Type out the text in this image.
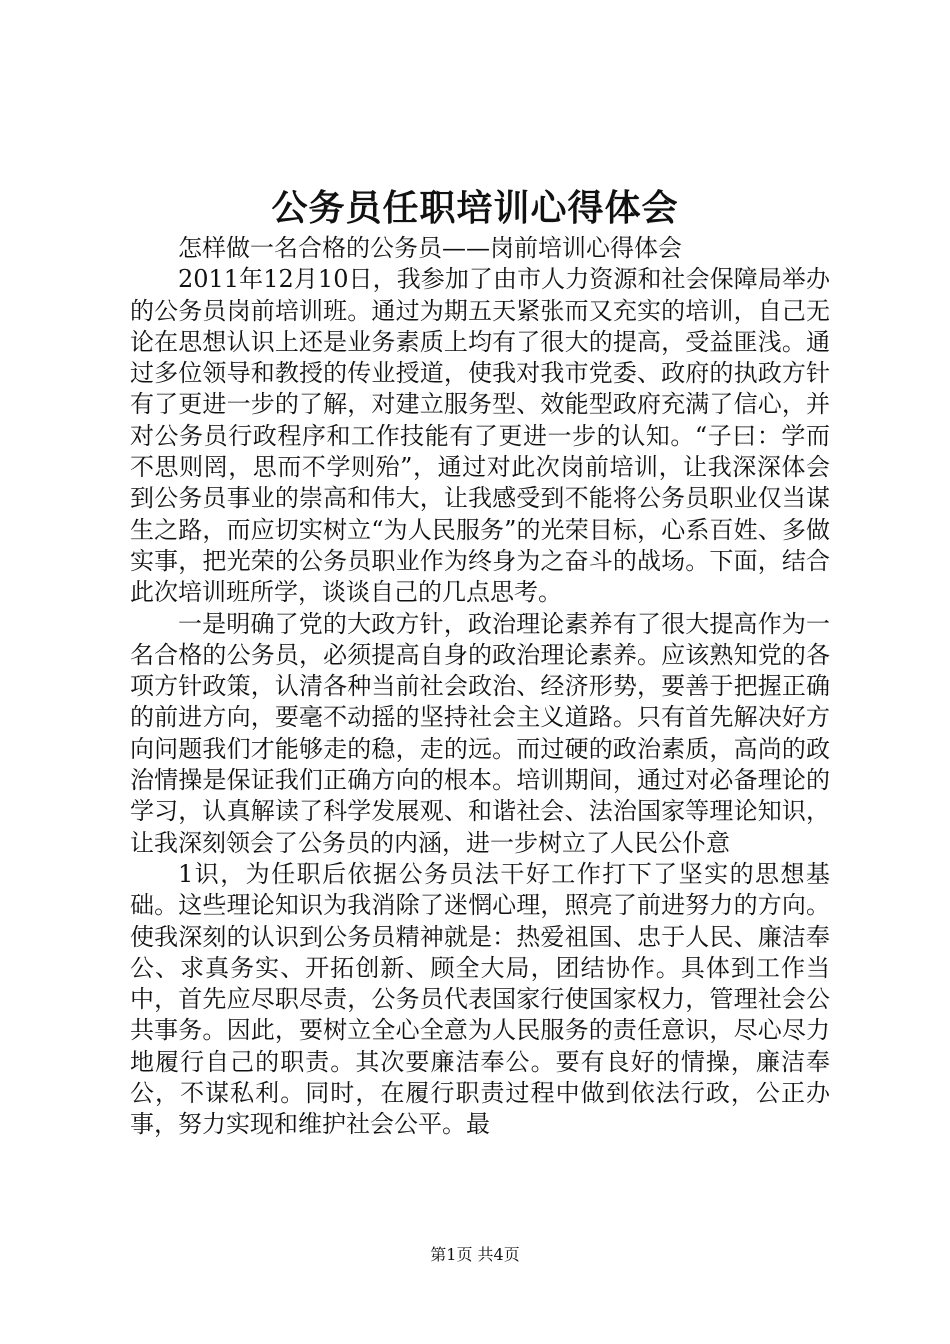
公务员任职培训心得体会

怎样做一名合格的公务员——岗前培训心得体会

2011年12月10日，我参加了由市人力资源和社会保障局举办的公务员岗前培训班。通过为期五天紧张而又充实的培训，自己无论在思想认识上还是业务素质上均有了很大的提高，受益匪浅。通过多位领导和教授的传业授道，使我对我市党委、政府的执政方针有了更进一步的了解，对建立服务型、效能型政府充满了信心，并对公务员行政程序和工作技能有了更进一步的认知。“子曰：学而不思则罔，思而不学则殆”，通过对此次岗前培训，让我深深体会到公务员事业的崇高和伟大，让我感受到不能将公务员职业仅当谋生之路，而应切实树立“为人民服务”的光荣目标，心系百姓、多做实事，把光荣的公务员职业作为终身为之奋斗的战场。下面，结合此次培训班所学，谈谈自己的几点思考。

一是明确了党的大政方针，政治理论素养有了很大提高作为一名合格的公务员，必须提高自身的政治理论素养。应该熟知党的各项方针政策，认清各种当前社会政治、经济形势，要善于把握正确的前进方向，要毫不动摇的坚持社会主义道路。只有首先解决好方向问题我们才能够走的稳，走的远。而过硬的政治素质，高尚的政治情操是保证我们正确方向的根本。培训期间，通过对必备理论的学习，认真解读了科学发展观、和谐社会、法治国家等理论知识，让我深刻领会了公务员的内涵，进一步树立了人民公仆意

1识，为任职后依据公务员法干好工作打下了坚实的思想基础。这些理论知识为我消除了迷惘心理，照亮了前进努力的方向。使我深刻的认识到公务员精神就是：热爱祖国、忠于人民、廉洁奉公、求真务实、开拓创新、顾全大局，团结协作。具体到工作当中，首先应尽职尽责，公务员代表国家行使国家权力，管理社会公共事务。因此，要树立全心全意为人民服务的责任意识，尽心尽力地履行自己的职责。其次要廉洁奉公。要有良好的情操，廉洁奉公，不谋私利。同时，在履行职责过程中做到依法行政，公正办事，努力实现和维护社会公平。最

第1页 共4页
